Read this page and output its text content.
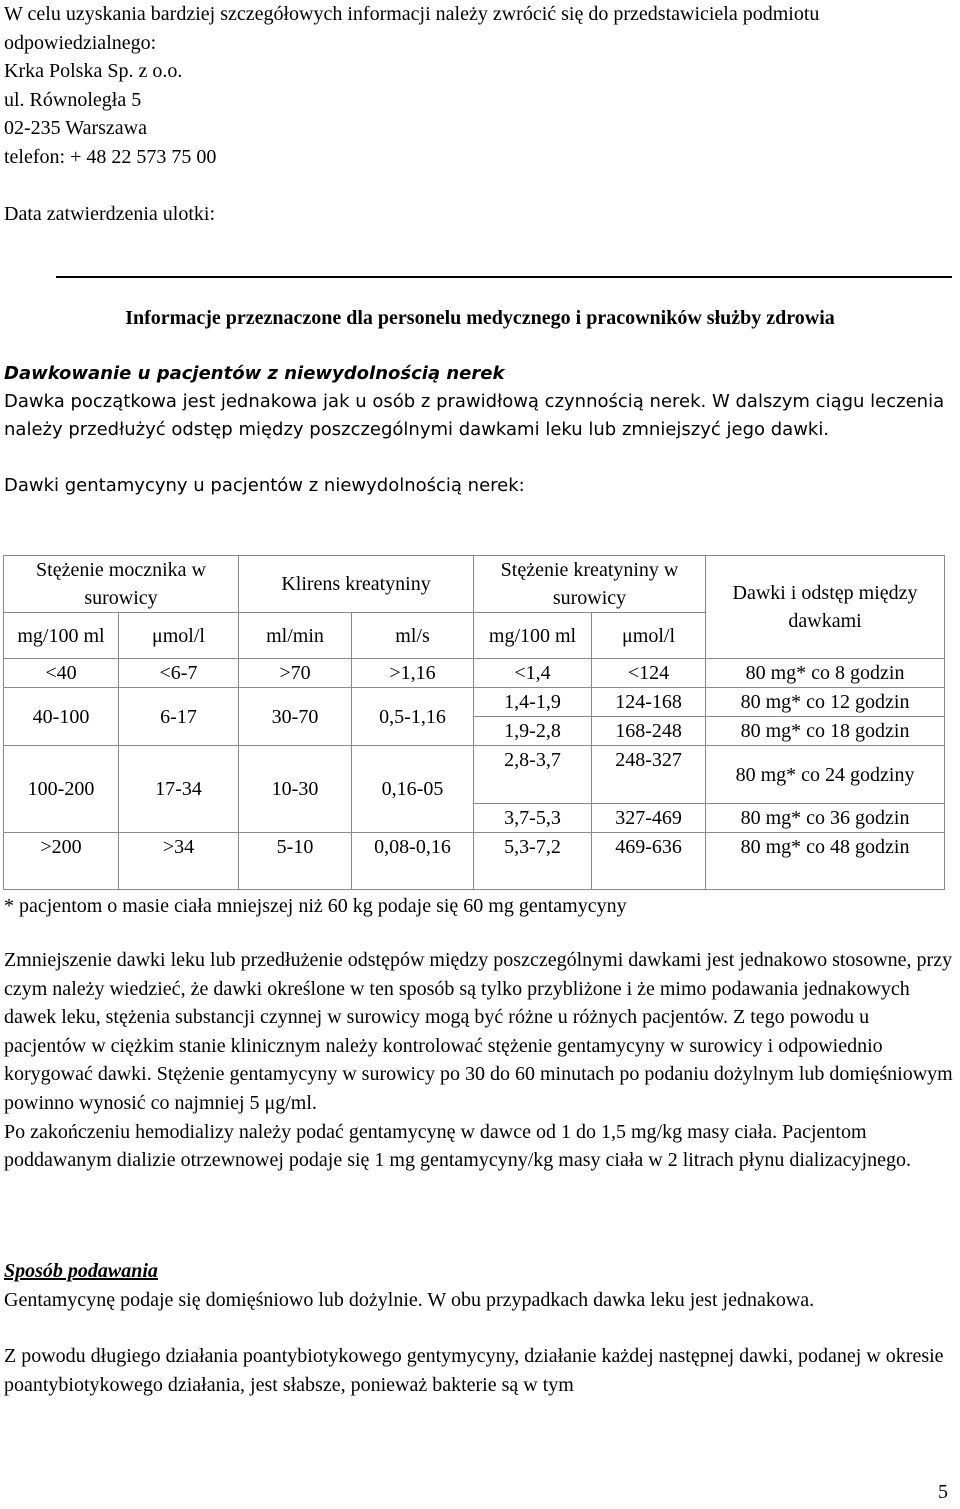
W celu uzyskania bardziej szczegółowych informacji należy zwrócić się do przedstawiciela podmiotu odpowiedzialnego:

Krka Polska Sp. z o.o.

ul. Równoległa 5

02-235 Warszawa

telefon: + 48 22 573 75 00

Data zatwierdzenia ulotki:

Informacje przeznaczone dla personelu medycznego i pracowników służby zdrowia

Dawkowanie u pacjentów z niewydolnością nerek

Dawka początkowa jest jednakowa jak u osób z prawidłową czynnością nerek. W dalszym ciągu leczenia należy przedłużyć odstęp między poszczególnymi dawkami leku lub zmniejszyć jego dawki.

Dawki gentamycyny u pacjentów z niewydolnością nerek:

Stężenie mocznika w surowicy		Klirens kreatyniny		Stężenie kreatyniny w surowicy		Dawki i odstęp między dawkami
mg/100 ml	μmol/l	ml/min	ml/s	mg/100 ml	μmol/l	
<40	<6-7	>70	>1,16	<1,4	<124	80 mg* co 8 godzin
40-100	6-17	30-70	0,5-1,16	1,4-1,9	124-168	80 mg* co 12 godzin
				1,9-2,8	168-248	80 mg* co 18 godzin
100-200	17-34	10-30	0,16-05	2,8-3,7	248-327	80 mg* co 24 godziny
				3,7-5,3	327-469	80 mg* co 36 godzin
>200	>34	5-10	0,08-0,16	5,3-7,2	469-636	80 mg* co 48 godzin

* pacjentom o masie ciała mniejszej niż 60 kg podaje się 60 mg gentamycyny

Zmniejszenie dawki leku lub przedłużenie odstępów między poszczególnymi dawkami jest jednakowo stosowne, przy czym należy wiedzieć, że dawki określone w ten sposób są tylko przybliżone i że mimo podawania jednakowych dawek leku, stężenia substancji czynnej w surowicy mogą być różne u różnych pacjentów. Z tego powodu u pacjentów w ciężkim stanie klinicznym należy kontrolować stężenie gentamycyny w surowicy i odpowiednio korygować dawki. Stężenie gentamycyny w surowicy po 30 do 60 minutach po podaniu dożylnym lub domięśniowym powinno wynosić co najmniej 5 μg/ml.

Po zakończeniu hemodializy należy podać gentamycynę w dawce od 1 do 1,5 mg/kg masy ciała. Pacjentom poddawanym dializie otrzewnowej podaje się 1 mg gentamycyny/kg masy ciała w 2 litrach płynu dializacyjnego.

Sposób podawania

Gentamycynę podaje się domięśniowo lub dożylnie. W obu przypadkach dawka leku jest jednakowa.

Z powodu długiego działania poantybiotykowego gentymycyny, działanie każdej następnej dawki, podanej w okresie poantybiotykowego działania, jest słabsze, ponieważ bakterie są w tym

5
